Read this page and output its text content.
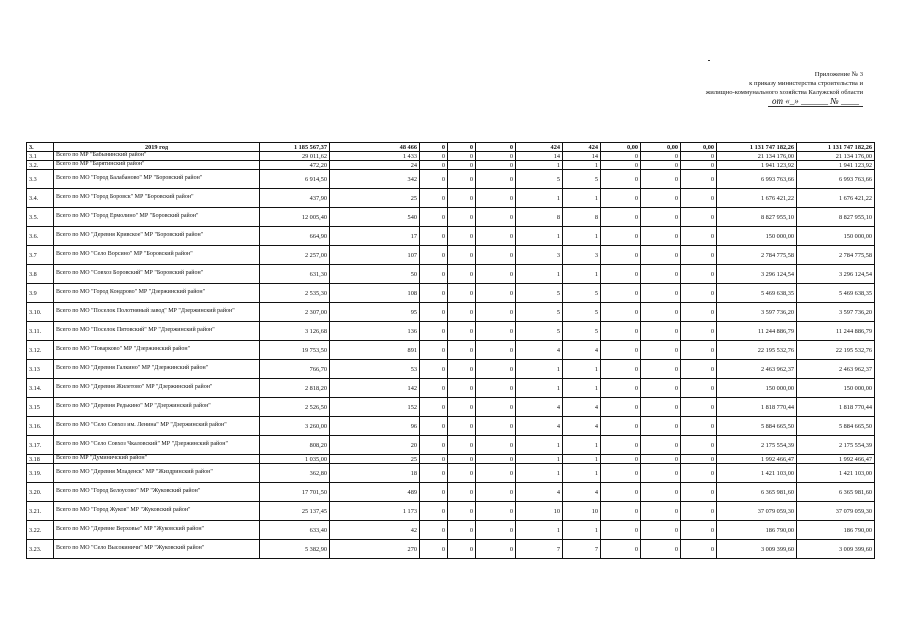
Приложение № 3
к приказу министерства строительства и
жилищно-коммунального хозяйства Калужской области
от «_» ______ № ____
3.	2019 год	1 185 567,37	48 466	0	0	0	424	424	0,00	0,00	0,00	1 131 747 182,26	1 131 747 182,26
3.1	Всего по МР "Бабынинский район"	29 011,62	1 433	0	0	0	14	14	0	0	0	21 134 176,00	21 134 176,00
3.2.	Всего по МР "Барятинский район"	472,20	24	0	0	0	1	1	0	0	0	1 941 123,92	1 941 123,92
3.3	Всего по МО "Город Балабаново" МР "Боровский район"	6 914,50	342	0	0	0	5	5	0	0	0	6 993 763,66	6 993 763,66
3.4.	Всего по МО "Город Боровск" МР "Боровский район"	437,90	25	0	0	0	1	1	0	0	0	1 676 421,22	1 676 421,22
3.5.	Всего по МО "Город Ермолино" МР "Боровский район"	12 005,40	540	0	0	0	8	8	0	0	0	8 827 955,10	8 827 955,10
3.6.	Всего по МО "Деревня Кривское" МР "Боровский район"	664,90	17	0	0	0	1	1	0	0	0	150 000,00	150 000,00
3.7	Всего по МО "Село Ворсино" МР "Боровский район"	2 257,00	107	0	0	0	3	3	0	0	0	2 784 775,58	2 784 775,58
3.8	Всего по МО "Совхоз Боровский" МР "Боровский район"	631,30	50	0	0	0	1	1	0	0	0	3 296 124,54	3 296 124,54
3.9	Всего по МО "Город Кондрово" МР "Дзержинский район"	2 535,30	108	0	0	0	5	5	0	0	0	5 469 638,35	5 469 638,35
3.10.	Всего по МО "Поселок Полотняный завод" МР "Дзержинский район"	2 307,00	95	0	0	0	5	5	0	0	0	3 597 736,20	3 597 736,20
3.11.	Всего по МО "Поселок Пятовский" МР "Дзержинский район"	3 126,68	136	0	0	0	5	5	0	0	0	11 244 886,79	11 244 886,79
3.12.	Всего по МО "Товарково" МР "Дзержинский район"	19 753,50	891	0	0	0	4	4	0	0	0	22 195 532,76	22 195 532,76
3.13	Всего по МО "Деревня Галкино" МР "Дзержинский район"	766,70	53	0	0	0	1	1	0	0	0	2 463 962,37	2 463 962,37
3.14.	Всего по МО "Деревня Жилетово" МР "Дзержинский район"	2 818,20	142	0	0	0	1	1	0	0	0	150 000,00	150 000,00
3.15	Всего по МО "Деревня Редькино" МР "Дзержинский район"	2 526,50	152	0	0	0	4	4	0	0	0	1 818 770,44	1 818 770,44
3.16.	Всего по МО "Село Совхоз им. Ленина" МР "Дзержинский район"	3 260,00	96	0	0	0	4	4	0	0	0	5 884 665,50	5 884 665,50
3.17.	Всего по МО "Село Совхоз Чкаловский" МР "Дзержинский район"	808,20	20	0	0	0	1	1	0	0	0	2 175 554,39	2 175 554,39
3.18	Всего по МР "Думиничский район"	1 035,00	25	0	0	0	1	1	0	0	0	1 992 466,47	1 992 466,47
3.19.	Всего по МО "Деревня Младенск" МР "Жиздринский район"	362,80	18	0	0	0	1	1	0	0	0	1 421 103,00	1 421 103,00
3.20.	Всего по МО "Город Белоусово" МР "Жуковский район"	17 701,50	489	0	0	0	4	4	0	0	0	6 365 981,60	6 365 981,60
3.21.	Всего по МО "Город Жуков" МР "Жуковский район"	25 137,45	1 173	0	0	0	10	10	0	0	0	37 079 059,30	37 079 059,30
3.22.	Всего по МО "Деревне Верховье" МР "Жуковский район"	633,40	42	0	0	0	1	1	0	0	0	186 790,00	186 790,00
3.23.	Всего по МО "Село Высокиничи" МР "Жуковский район"	5 382,90	270	0	0	0	7	7	0	0	0	3 009 399,60	3 009 399,60
